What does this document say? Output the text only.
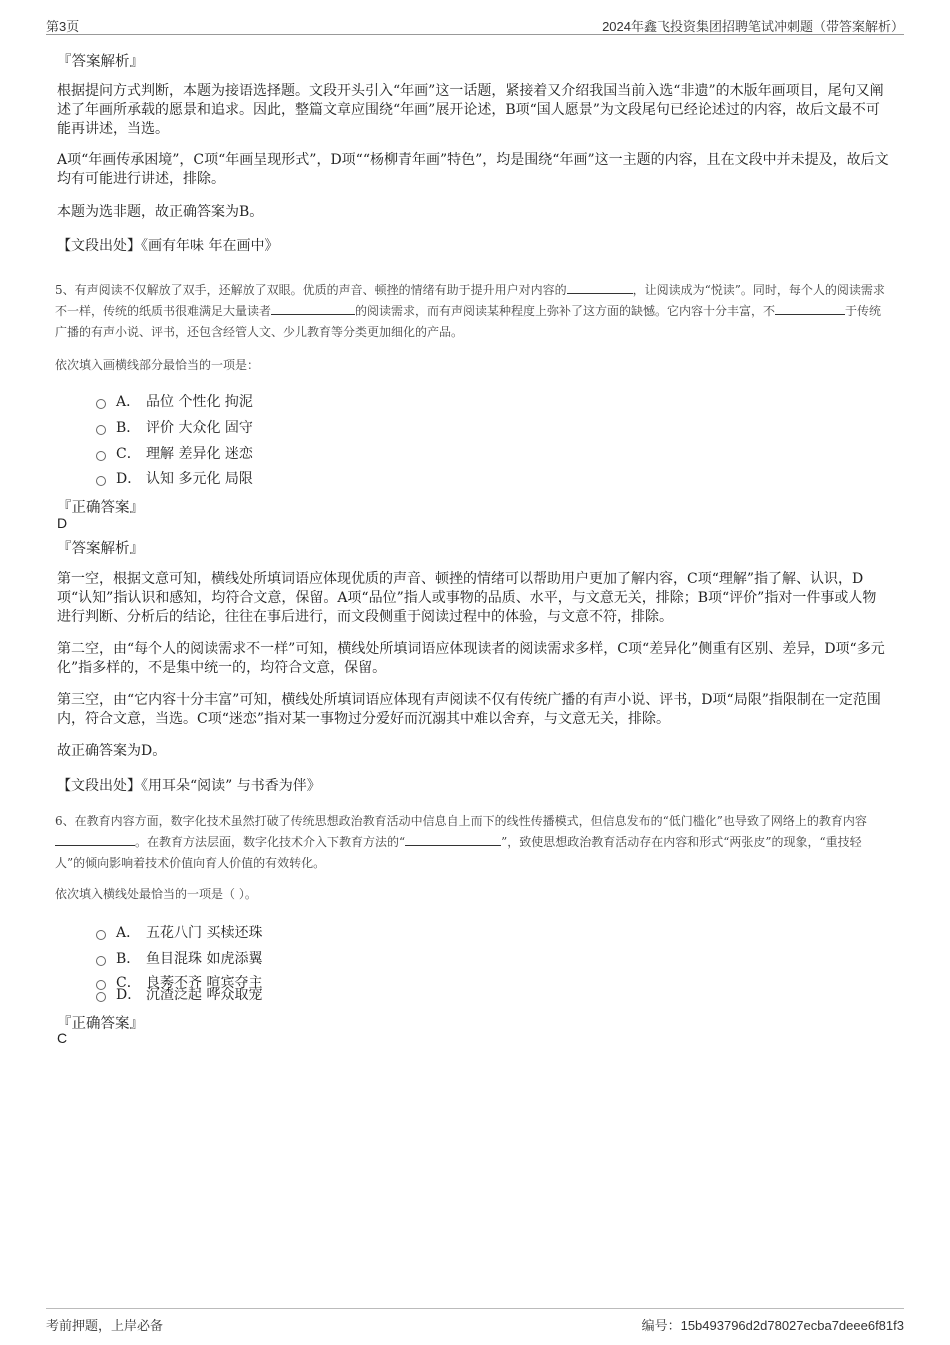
第3页	2024年鑫飞投资集团招聘笔试冲刺题（带答案解析）
『答案解析』
根据提问方式判断，本题为接语选择题。文段开头引入“年画”这一话题，紧接着又介绍我国当前入选“非遗”的木版年画项目，尾句又阐述了年画所承载的愿景和追求。因此，整篇文章应围绕“年画”展开论述，B项“国人愿景”为文段尾句已经论述过的内容，故后文最不可能再讲述，当选。
A项“年画传承困境”，C项“年画呈现形式”，D项““杨柳青年画”特色”，均是围绕“年画”这一主题的内容，且在文段中并未提及，故后文均有可能进行讲述，排除。
本题为选非题，故正确答案为B。
【文段出处】《画有年味 年在画中》
5、有声阅读不仅解放了双手，还解放了双眼。优质的声音、顿挫的情绪有助于提升用户对内容的	，让阅读成为“悦读”。同时，每个人的阅读需求不一样，传统的纸质书很难满足大量读者	的阅读需求，而有声阅读某种程度上弥补了这方面的缺憾。它内容十分丰富，不	于传统广播的有声小说、评书，还包含经管人文、少儿教育等分类更加细化的产品。
依次填入画横线部分最恰当的一项是：
A． 品位 个性化 拘泥
B． 评价 大众化 固守
C． 理解 差异化 迷恋
D． 认知 多元化 局限
『正确答案』
D
『答案解析』
第一空，根据文意可知，横线处所填词语应体现优质的声音、顿挫的情绪可以帮助用户更加了解内容，C项“理解”指了解、认识，D项“认知”指认识和感知，均符合文意，保留。A项“品位”指人或事物的品质、水平，与文意无关，排除；B项“评价”指对一件事或人物进行判断、分析后的结论，往往在事后进行，而文段侧重于阅读过程中的体验，与文意不符，排除。
第二空，由“每个人的阅读需求不一样”可知，横线处所填词语应体现读者的阅读需求多样，C项“差异化”侧重有区别、差异，D项“多元化”指多样的，不是集中统一的，均符合文意，保留。
第三空，由“它内容十分丰富”可知，横线处所填词语应体现有声阅读不仅有传统广播的有声小说、评书，D项“局限”指限制在一定范围内，符合文意，当选。C项“迷恋”指对某一事物过分爱好而沉溺其中难以舍弃，与文意无关，排除。
故正确答案为D。
【文段出处】《用耳朵“阅读” 与书香为伴》
6、在教育内容方面，数字化技术虽然打破了传统思想政治教育活动中信息自上而下的线性传播模式，但信息发布的“低门槛化”也导致了网络上的教育内容。在教育方法层面，数字化技术介入下教育方法的“	”，致使思想政治教育活动存在内容和形式“两张皮”的现象，“重技轻人”的倾向影响着技术价值向育人价值的有效转化。
依次填入横线处最恰当的一项是（ ）。
A． 五花八门 买椟还珠
B． 鱼目混珠 如虎添翼
C． 良莠不齐 喧宾夺主
D． 沉渣泛起 哗众取宠
『正确答案』
C
考前押题，上岸必备	编号：15b493796d2d78027ecba7deee6f81f3
